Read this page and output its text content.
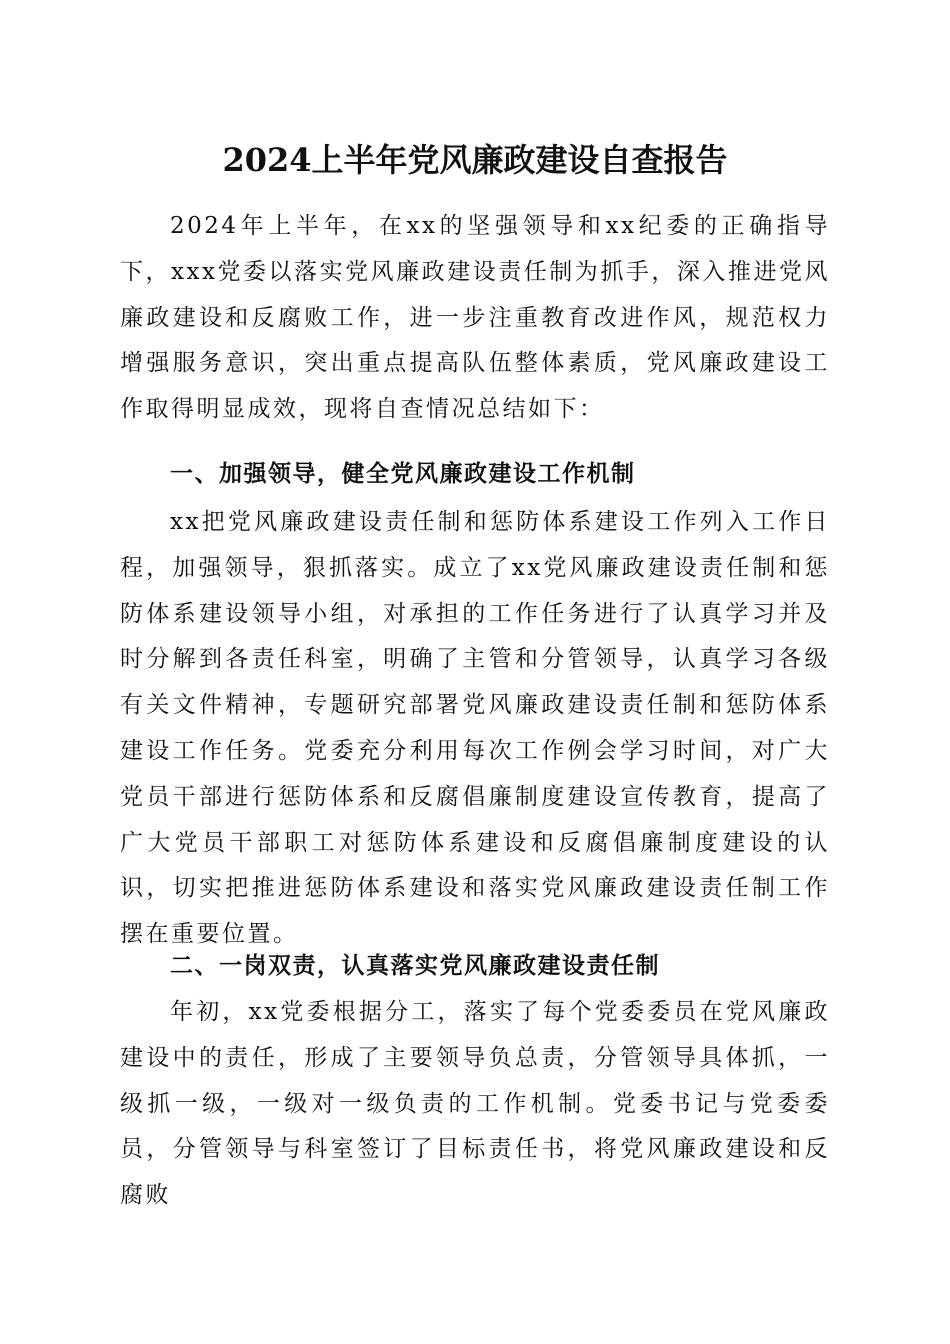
2024上半年党风廉政建设自查报告

2024年上半年，在xx的坚强领导和xx纪委的正确指导下，xxx党委以落实党风廉政建设责任制为抓手，深入推进党风廉政建设和反腐败工作，进一步注重教育改进作风，规范权力增强服务意识，突出重点提高队伍整体素质，党风廉政建设工作取得明显成效，现将自查情况总结如下：

一、加强领导，健全党风廉政建设工作机制

xx把党风廉政建设责任制和惩防体系建设工作列入工作日程，加强领导，狠抓落实。成立了xx党风廉政建设责任制和惩防体系建设领导小组，对承担的工作任务进行了认真学习并及时分解到各责任科室，明确了主管和分管领导，认真学习各级有关文件精神，专题研究部署党风廉政建设责任制和惩防体系建设工作任务。党委充分利用每次工作例会学习时间，对广大党员干部进行惩防体系和反腐倡廉制度建设宣传教育，提高了广大党员干部职工对惩防体系建设和反腐倡廉制度建设的认识，切实把推进惩防体系建设和落实党风廉政建设责任制工作摆在重要位置。

二、一岗双责，认真落实党风廉政建设责任制

年初，xx党委根据分工，落实了每个党委委员在党风廉政建设中的责任，形成了主要领导负总责，分管领导具体抓，一级抓一级，一级对一级负责的工作机制。党委书记与党委委员，分管领导与科室签订了目标责任书，将党风廉政建设和反腐败
